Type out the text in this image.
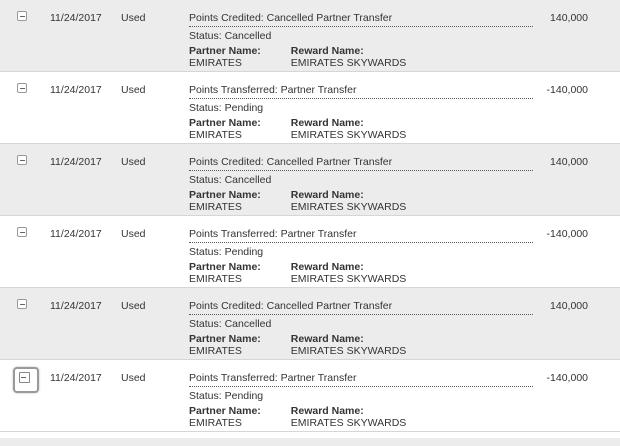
11/24/2017 Used	Points Credited: Cancelled Partner Transfer
Status: Cancelled
Partner Name:
EMIRATES
Reward Name:
EMIRATES SKYWARDS
140,000
11/24/2017 Used	Points Transferred: Partner Transfer
Status: Pending
Partner Name:
EMIRATES
Reward Name:
EMIRATES SKYWARDS
-140,000
11/24/2017 Used	Points Credited: Cancelled Partner Transfer
Status: Cancelled
Partner Name:
EMIRATES
Reward Name:
EMIRATES SKYWARDS
140,000
11/24/2017 Used	Points Transferred: Partner Transfer
Status: Pending
Partner Name:
EMIRATES
Reward Name:
EMIRATES SKYWARDS
-140,000
11/24/2017 Used	Points Credited: Cancelled Partner Transfer
Status: Cancelled
Partner Name:
EMIRATES
Reward Name:
EMIRATES SKYWARDS
140,000
11/24/2017 Used	Points Transferred: Partner Transfer
Status: Pending
Partner Name:
EMIRATES
Reward Name:
EMIRATES SKYWARDS
-140,000
